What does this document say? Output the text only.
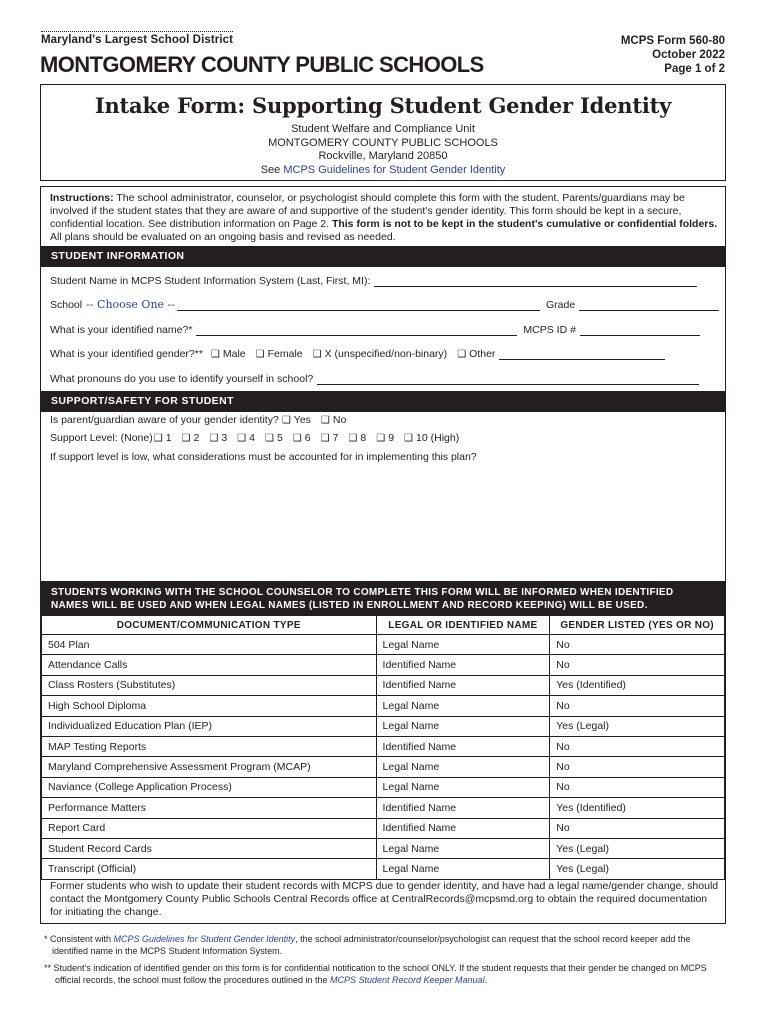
Maryland's Largest School District
MONTGOMERY COUNTY PUBLIC SCHOOLS
MCPS Form 560-80
October 2022
Page 1 of 2
Intake Form: Supporting Student Gender Identity
Student Welfare and Compliance Unit
MONTGOMERY COUNTY PUBLIC SCHOOLS
Rockville, Maryland 20850
See MCPS Guidelines for Student Gender Identity
Instructions: The school administrator, counselor, or psychologist should complete this form with the student. Parents/guardians may be involved if the student states that they are aware of and supportive of the student's gender identity. This form should be kept in a secure, confidential location. See distribution information on Page 2. This form is not to be kept in the student's cumulative or confidential folders. All plans should be evaluated on an ongoing basis and revised as needed.
STUDENT INFORMATION
Student Name in MCPS Student Information System (Last, First, MI):
School -- Choose One --	Grade
What is your identified name?*	MCPS ID #
What is your identified gender?** ❑ Male ❑ Female ❑ X (unspecified/non-binary) ❑ Other
What pronouns do you use to identify yourself in school?
SUPPORT/SAFETY FOR STUDENT
Is parent/guardian aware of your gender identity? ❑ Yes ❑ No
Support Level: (None) ❑ 1 ❑ 2 ❑ 3 ❑ 4 ❑ 5 ❑ 6 ❑ 7 ❑ 8 ❑ 9 ❑ 10 (High)
If support level is low, what considerations must be accounted for in implementing this plan?
STUDENTS WORKING WITH THE SCHOOL COUNSELOR TO COMPLETE THIS FORM WILL BE INFORMED WHEN IDENTIFIED
NAMES WILL BE USED AND WHEN LEGAL NAMES (LISTED IN ENROLLMENT AND RECORD KEEPING) WILL BE USED.
DOCUMENT/COMMUNICATION TYPE	LEGAL OR IDENTIFIED NAME	GENDER LISTED (YES OR NO)
504 Plan	Legal Name	No
Attendance Calls	Identified Name	No
Class Rosters (Substitutes)	Identified Name	Yes (Identified)
High School Diploma	Legal Name	No
Individualized Education Plan (IEP)	Legal Name	Yes (Legal)
MAP Testing Reports	Identified Name	No
Maryland Comprehensive Assessment Program (MCAP)	Legal Name	No
Naviance (College Application Process)	Legal Name	No
Performance Matters	Identified Name	Yes (Identified)
Report Card	Identified Name	No
Student Record Cards	Legal Name	Yes (Legal)
Transcript (Official)	Legal Name	Yes (Legal)
Former students who wish to update their student records with MCPS due to gender identity, and have had a legal name/gender change, should contact the Montgomery County Public Schools Central Records office at CentralRecords@mcpsmd.org to obtain the required documentation for initiating the change.
* Consistent with MCPS Guidelines for Student Gender Identity, the school administrator/counselor/psychologist can request that the school record keeper add the identified name in the MCPS Student Information System.
** Student's indication of identified gender on this form is for confidential notification to the school ONLY. If the student requests that their gender be changed on MCPS official records, the school must follow the procedures outlined in the MCPS Student Record Keeper Manual.
